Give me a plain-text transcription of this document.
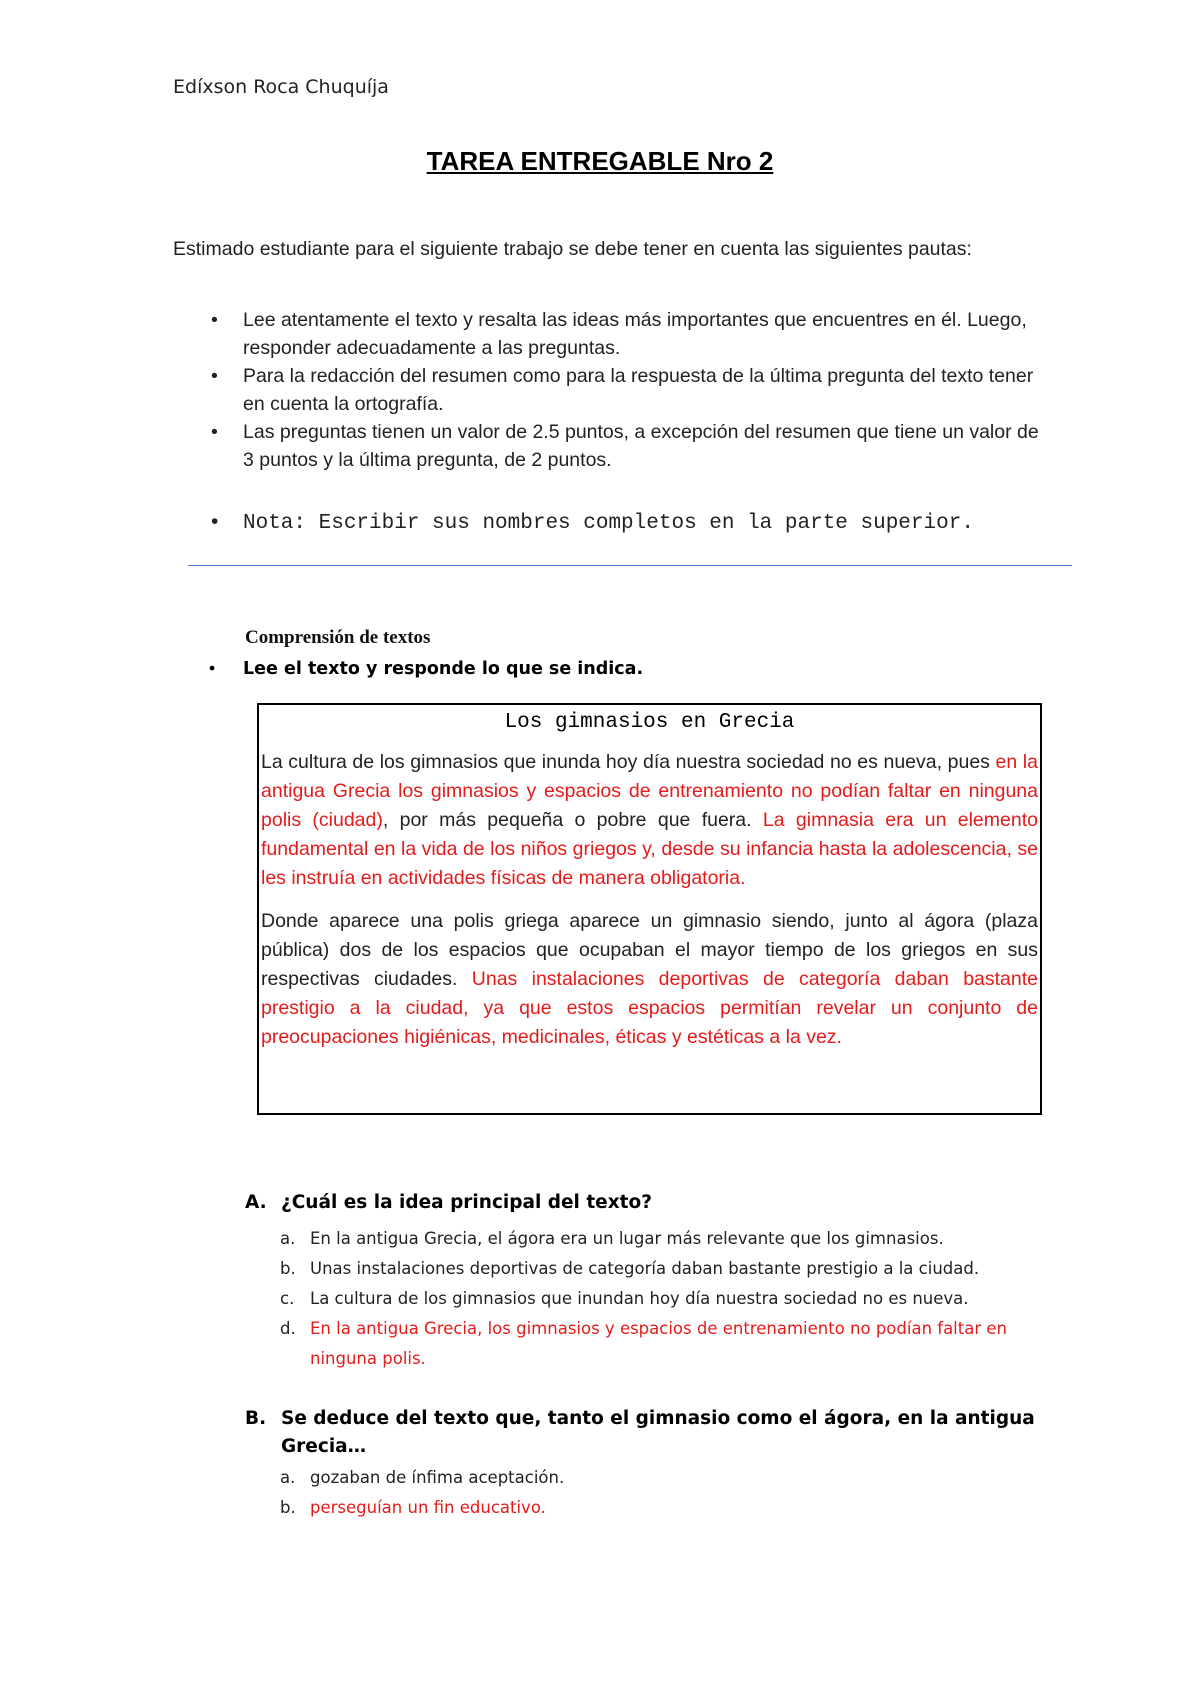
Edíxson Roca Chuquíja
TAREA ENTREGABLE Nro 2
Estimado estudiante para el siguiente trabajo se debe tener en cuenta las siguientes pautas:
• Lee atentamente el texto y resalta las ideas más importantes que encuentres en él. Luego, responder adecuadamente a las preguntas.
• Para la redacción del resumen como para la respuesta de la última pregunta del texto tener en cuenta la ortografía.
• Las preguntas tienen un valor de 2.5 puntos, a excepción del resumen que tiene un valor de 3 puntos y la última pregunta, de 2 puntos.
• Nota: Escribir sus nombres completos en la parte superior.
Comprensión de textos
• Lee el texto y responde lo que se indica.
Los gimnasios en Grecia

La cultura de los gimnasios que inunda hoy día nuestra sociedad no es nueva, pues en la antigua Grecia los gimnasios y espacios de entrenamiento no podían faltar en ninguna polis (ciudad), por más pequeña o pobre que fuera. La gimnasia era un elemento fundamental en la vida de los niños griegos y, desde su infancia hasta la adolescencia, se les instruía en actividades físicas de manera obligatoria.

Donde aparece una polis griega aparece un gimnasio siendo, junto al ágora (plaza pública) dos de los espacios que ocupaban el mayor tiempo de los griegos en sus respectivas ciudades. Unas instalaciones deportivas de categoría daban bastante prestigio a la ciudad, ya que estos espacios permitían revelar un conjunto de preocupaciones higiénicas, medicinales, éticas y estéticas a la vez.

A. ¿Cuál es la idea principal del texto?
a. En la antigua Grecia, el ágora era un lugar más relevante que los gimnasios.
b. Unas instalaciones deportivas de categoría daban bastante prestigio a la ciudad.
c. La cultura de los gimnasios que inundan hoy día nuestra sociedad no es nueva.
d. En la antigua Grecia, los gimnasios y espacios de entrenamiento no podían faltar en ninguna polis.
B. Se deduce del texto que, tanto el gimnasio como el ágora, en la antigua Grecia…
a. gozaban de ínfima aceptación.
b. perseguían un fin educativo.
